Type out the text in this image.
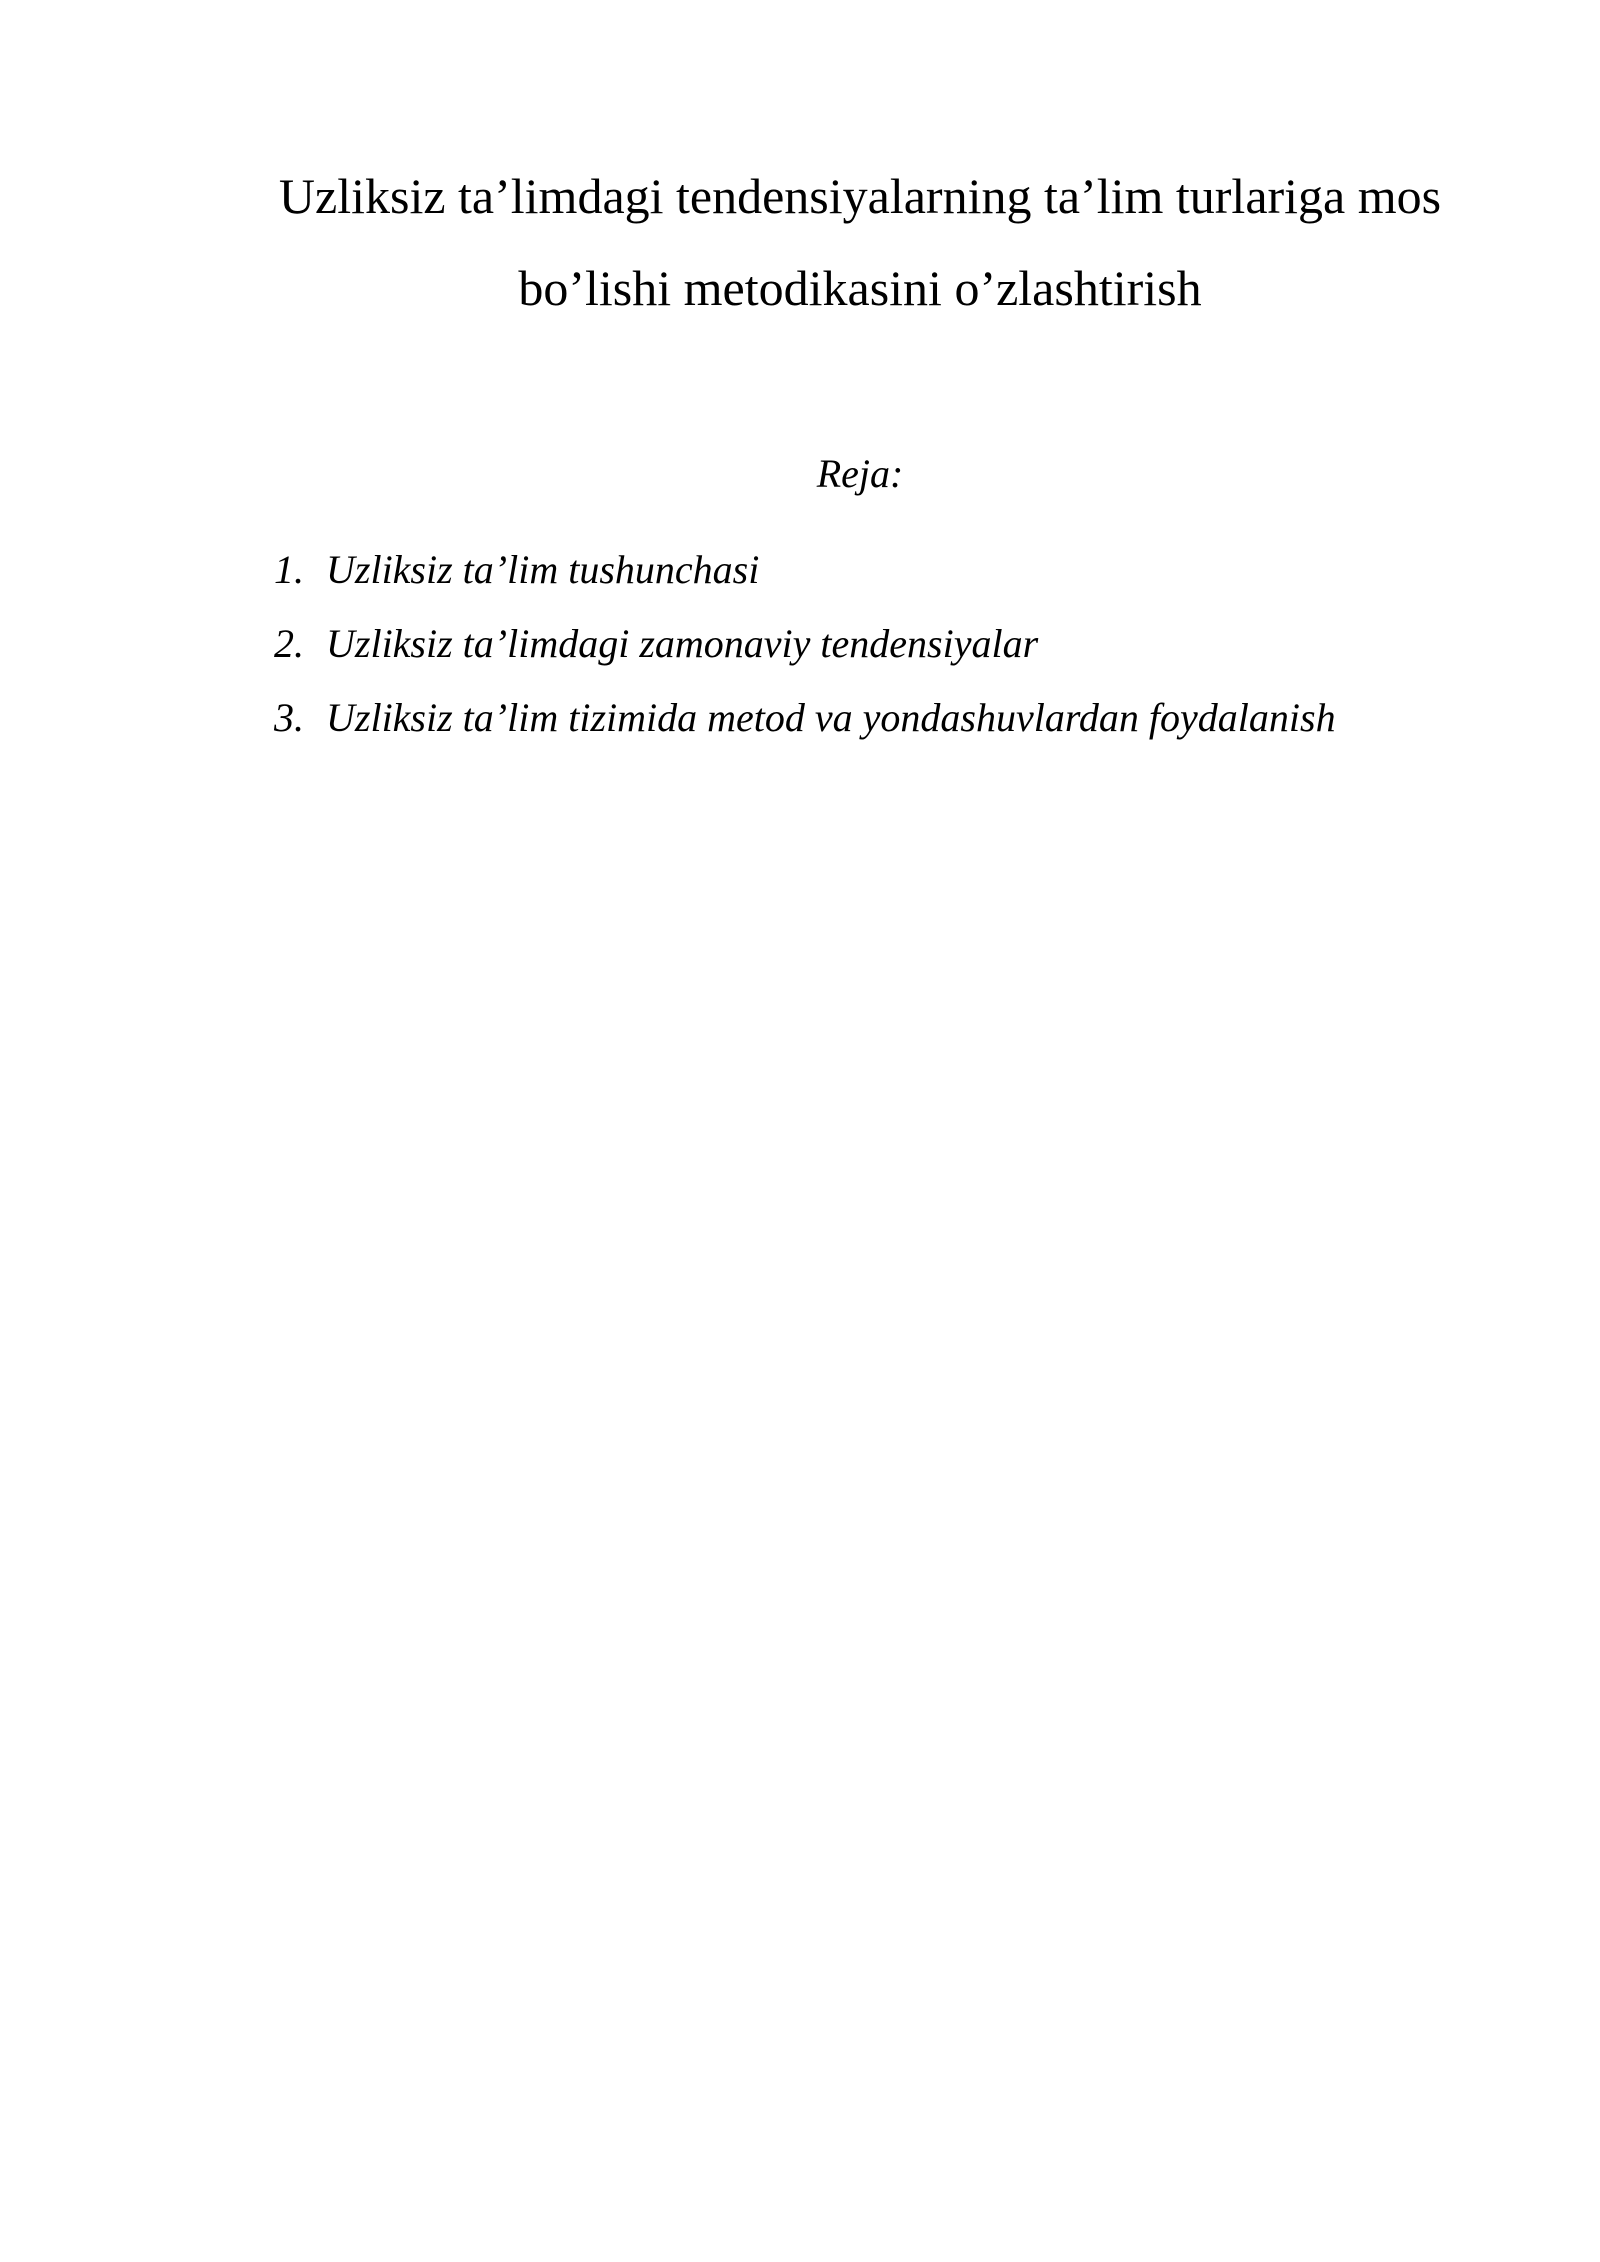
Uzliksiz ta’limdagi tendensiyalarning ta’lim turlariga mos
bo’lishi metodikasini o’zlashtirish
Reja:
1. Uzliksiz ta’lim tushunchasi
2. Uzliksiz ta’limdagi zamonaviy tendensiyalar
3. Uzliksiz ta’lim tizimida metod va yondashuvlardan foydalanish
